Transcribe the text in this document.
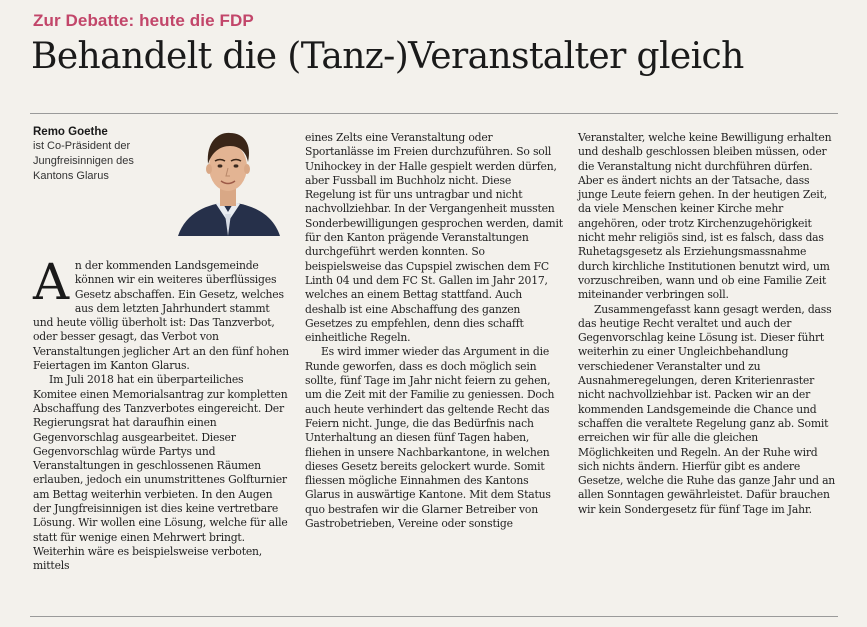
Zur Debatte: heute die FDP
Behandelt die (Tanz-)Veranstalter gleich
Remo Goethe
ist Co-Präsident der Jungfreisinnigen des Kantons Glarus

An der kommenden Landsgemeinde können wir ein weiteres überflüssiges Gesetz abschaffen. Ein Gesetz, welches aus dem letzten Jahrhundert stammt und heute völlig überholt ist: Das Tanzverbot, oder besser gesagt, das Verbot von Veranstaltungen jeglicher Art an den fünf hohen Feiertagen im Kanton Glarus.

Im Juli 2018 hat ein überparteiliches Komitee einen Memorialsantrag zur kompletten Abschaffung des Tanzverbotes eingereicht. Der Regierungsrat hat daraufhin einen Gegenvorschlag ausgearbeitet. Dieser Gegenvorschlag würde Partys und Veranstaltungen in geschlossenen Räumen erlauben, jedoch ein unumstrittenes Golfturnier am Bettag weiterhin verbieten. In den Augen der Jungfreisinnigen ist dies keine vertretbare Lösung. Wir wollen eine Lösung, welche für alle statt für wenige einen Mehrwert bringt. Weiterhin wäre es beispielsweise verboten, mittels

eines Zelts eine Veranstaltung oder Sportanlässe im Freien durchzuführen. So soll Unihockey in der Halle gespielt werden dürfen, aber Fussball im Buchholz nicht. Diese Regelung ist für uns untragbar und nicht nachvollziehbar. In der Vergangenheit mussten Sonderbewilligungen gesprochen werden, damit für den Kanton prägende Veranstaltungen durchgeführt werden konnten. So beispielsweise das Cupspiel zwischen dem FC Linth 04 und dem FC St. Gallen im Jahr 2017, welches an einem Bettag stattfand. Auch deshalb ist eine Abschaffung des ganzen Gesetzes zu empfehlen, denn dies schafft einheitliche Regeln.

Es wird immer wieder das Argument in die Runde geworfen, dass es doch möglich sein sollte, fünf Tage im Jahr nicht feiern zu gehen, um die Zeit mit der Familie zu geniessen. Doch auch heute verhindert das geltende Recht das Feiern nicht. Junge, die das Bedürfnis nach Unterhaltung an diesen fünf Tagen haben, fliehen in unsere Nachbarkantone, in welchen dieses Gesetz bereits gelockert wurde. Somit fliessen mögliche Einnahmen des Kantons Glarus in auswärtige Kantone. Mit dem Status quo bestrafen wir die Glarner Betreiber von Gastrobetrieben, Vereine oder sonstige

Veranstalter, welche keine Bewilligung erhalten und deshalb geschlossen bleiben müssen, oder die Veranstaltung nicht durchführen dürfen. Aber es ändert nichts an der Tatsache, dass junge Leute feiern gehen. In der heutigen Zeit, da viele Menschen keiner Kirche mehr angehören, oder trotz Kirchenzugehörigkeit nicht mehr religiös sind, ist es falsch, dass das Ruhetagsgesetz als Erziehungsmassnahme durch kirchliche Institutionen benutzt wird, um vorzuschreiben, wann und ob eine Familie Zeit miteinander verbringen soll.

Zusammengefasst kann gesagt werden, dass das heutige Recht veraltet und auch der Gegenvorschlag keine Lösung ist. Dieser führt weiterhin zu einer Ungleichbehandlung verschiedener Veranstalter und zu Ausnahmeregelungen, deren Kriterienraster nicht nachvollziehbar ist. Packen wir an der kommenden Landsgemeinde die Chance und schaffen die veraltete Regelung ganz ab. Somit erreichen wir für alle die gleichen Möglichkeiten und Regeln. An der Ruhe wird sich nichts ändern. Hierfür gibt es andere Gesetze, welche die Ruhe das ganze Jahr und an allen Sonntagen gewährleistet. Dafür brauchen wir kein Sondergesetz für fünf Tage im Jahr.
